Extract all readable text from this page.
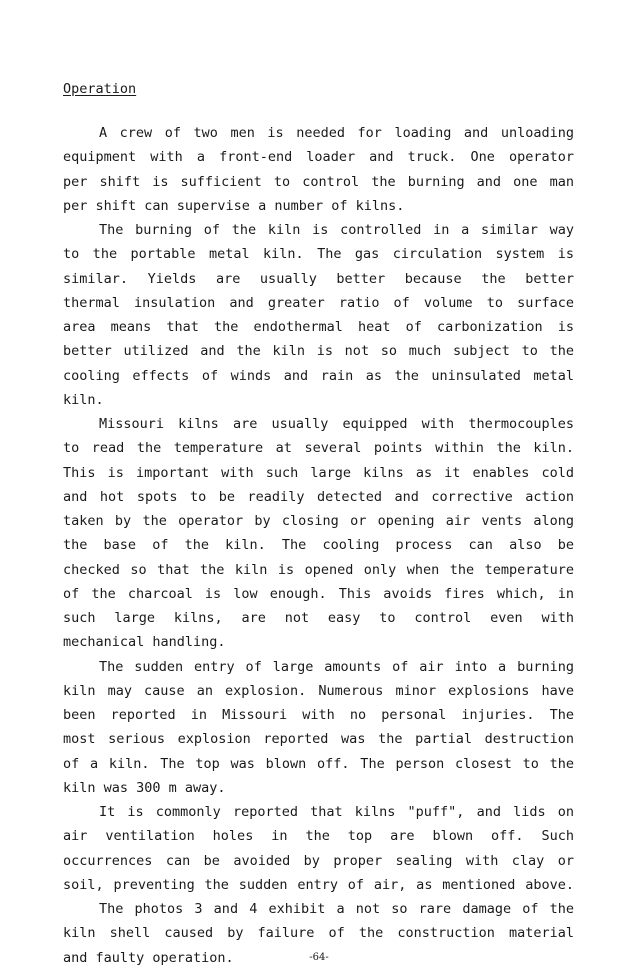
Operation
A crew of two men is needed for loading and unloading
equipment with a front-end loader and truck. One operator
per shift is sufficient to control the burning and one man
per shift can supervise a number of kilns.
The burning of the kiln is controlled in a similar way
to the portable metal kiln. The gas circulation system is
similar. Yields are usually better because the better
thermal insulation and greater ratio of volume to surface
area means that the endothermal heat of carbonization is
better utilized and the kiln is not so much subject to the
cooling effects of winds and rain as the uninsulated metal
kiln.
Missouri kilns are usually equipped with thermocouples
to read the temperature at several points within the kiln.
This is important with such large kilns as it enables cold
and hot spots to be readily detected and corrective action
taken by the operator by closing or opening air vents along
the base of the kiln. The cooling process can also be
checked so that the kiln is opened only when the temperature
of the charcoal is low enough. This avoids fires which, in
such large kilns, are not easy to control even with
mechanical handling.
The sudden entry of large amounts of air into a burning
kiln may cause an explosion. Numerous minor explosions have
been reported in Missouri with no personal injuries. The
most serious explosion reported was the partial destruction
of a kiln. The top was blown off. The person closest to the
kiln was 300 m away.
It is commonly reported that kilns "puff", and lids on
air ventilation holes in the top are blown off. Such
occurrences can be avoided by proper sealing with clay or
soil, preventing the sudden entry of air, as mentioned above.
The photos 3 and 4 exhibit a not so rare damage of the
kiln shell caused by failure of the construction material
and faulty operation.	-64-
